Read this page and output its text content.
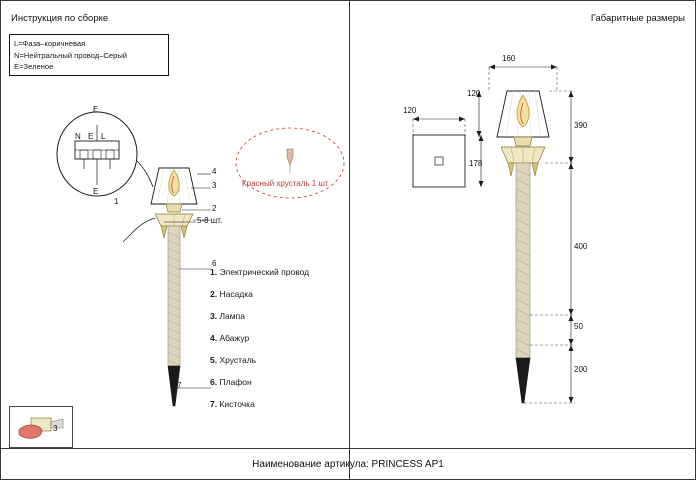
Инструкция по сборке
L=Фаза–коричневая
N=Нейтральный провод–Серый
E=Зеленое
E
E
N E L
4
3
2
1
6
7
5-8 шт.
Красный хрусталь 1 шт
1. Электрический провод
2. Насадка
3. Лампа
4. Абажур
5. Хрусталь
6. Плафон
7. Кисточка
3
Габаритные размеры
160
120
120
178
390
400
50
200
Наименование артикула: PRINCESS AP1
